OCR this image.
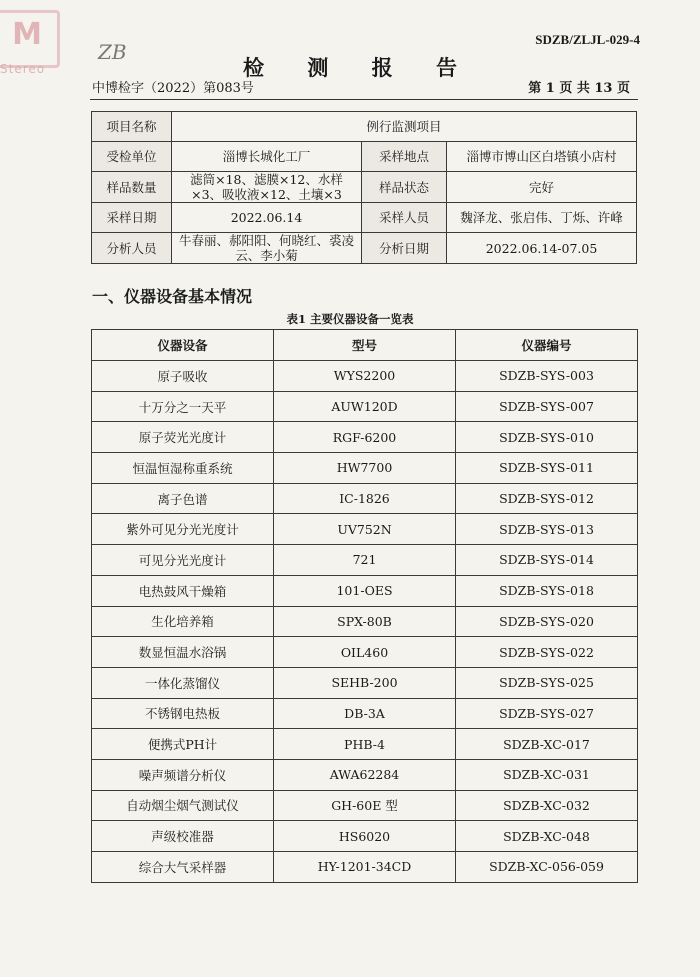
M
Stereo
ZB
SDZB/ZLJL-029-4
检 测 报 告
中博检字（2022）第083号	第 1 页 共 13 页
项目名称	例行监测项目		
受检单位	淄博长城化工厂	采样地点	淄博市博山区白塔镇小店村
样品数量	滤筒×18、滤膜×12、水样×3、吸收液×12、土壤×3	样品状态	完好
采样日期	2022.06.14	采样人员	魏泽龙、张启伟、丁烁、许峰
分析人员	牛春丽、郝阳阳、何晓红、裘凌云、李小菊	分析日期	2022.06.14-07.05
一、仪器设备基本情况
表1 主要仪器设备一览表
仪器设备	型号	仪器编号
原子吸收	WYS2200	SDZB-SYS-003
十万分之一天平	AUW120D	SDZB-SYS-007
原子荧光光度计	RGF-6200	SDZB-SYS-010
恒温恒湿称重系统	HW7700	SDZB-SYS-011
离子色谱	IC-1826	SDZB-SYS-012
紫外可见分光光度计	UV752N	SDZB-SYS-013
可见分光光度计	721	SDZB-SYS-014
电热鼓风干燥箱	101-OES	SDZB-SYS-018
生化培养箱	SPX-80B	SDZB-SYS-020
数显恒温水浴锅	OIL460	SDZB-SYS-022
一体化蒸馏仪	SEHB-200	SDZB-SYS-025
不锈钢电热板	DB-3A	SDZB-SYS-027
便携式PH计	PHB-4	SDZB-XC-017
噪声频谱分析仪	AWA62284	SDZB-XC-031
自动烟尘烟气测试仪	GH-60E 型	SDZB-XC-032
声级校准器	HS6020	SDZB-XC-048
综合大气采样器	HY-1201-34CD	SDZB-XC-056-059
